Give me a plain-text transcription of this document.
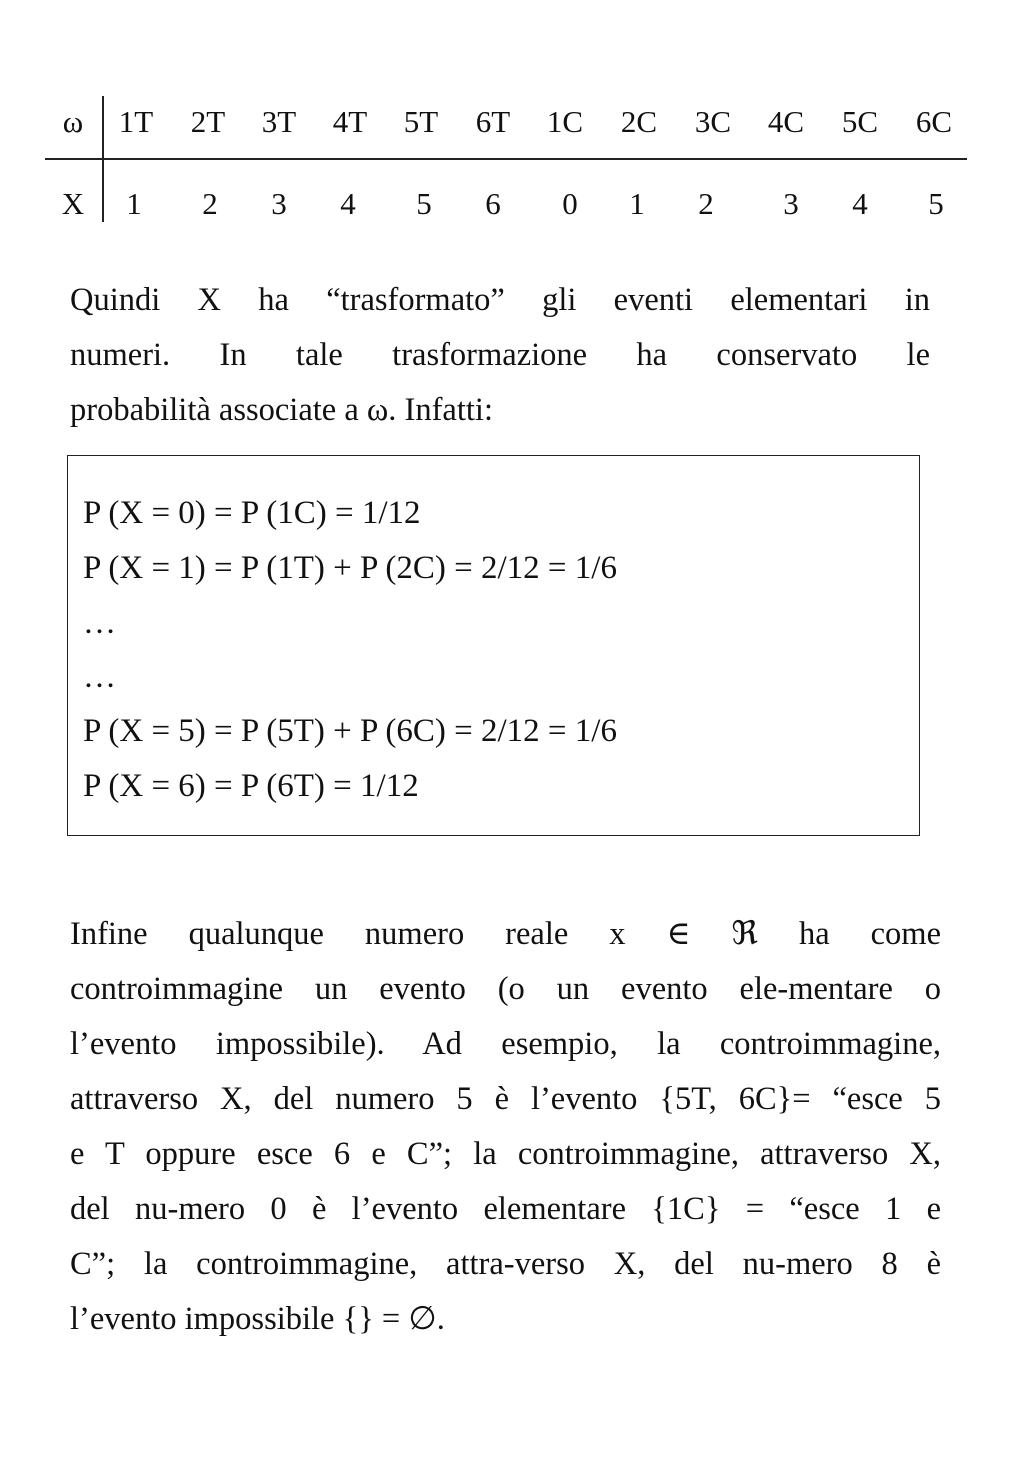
ω	1T	2T	3T	4T	5T	6T	1C	2C	3C	4C	5C	6C
X	1	2	3	4	5	6	0	1	2	3	4	5
Quindi X ha “trasformato” gli eventi elementari in
numeri. In tale trasformazione ha conservato le
probabilità associate a ω. Infatti:
P (X = 0) = P (1C) = 1/12
P (X = 1) = P (1T) + P (2C) = 2/12 = 1/6
…
…
P (X = 5) = P (5T) + P (6C) = 2/12 = 1/6
P (X = 6) = P (6T) = 1/12
Infine qualunque numero reale x ∈ ℜ ha come
controimmagine un evento (o un evento ele-mentare o
l’evento impossibile). Ad esempio, la controimmagine,
attraverso X, del numero 5 è l’evento {5T, 6C}= “esce 5
e T oppure esce 6 e C”; la controimmagine, attraverso X,
del nu-mero 0 è l’evento elementare {1C} = “esce 1 e
C”; la controimmagine, attra-verso X, del nu-mero 8 è
l’evento impossibile {} = ∅.
